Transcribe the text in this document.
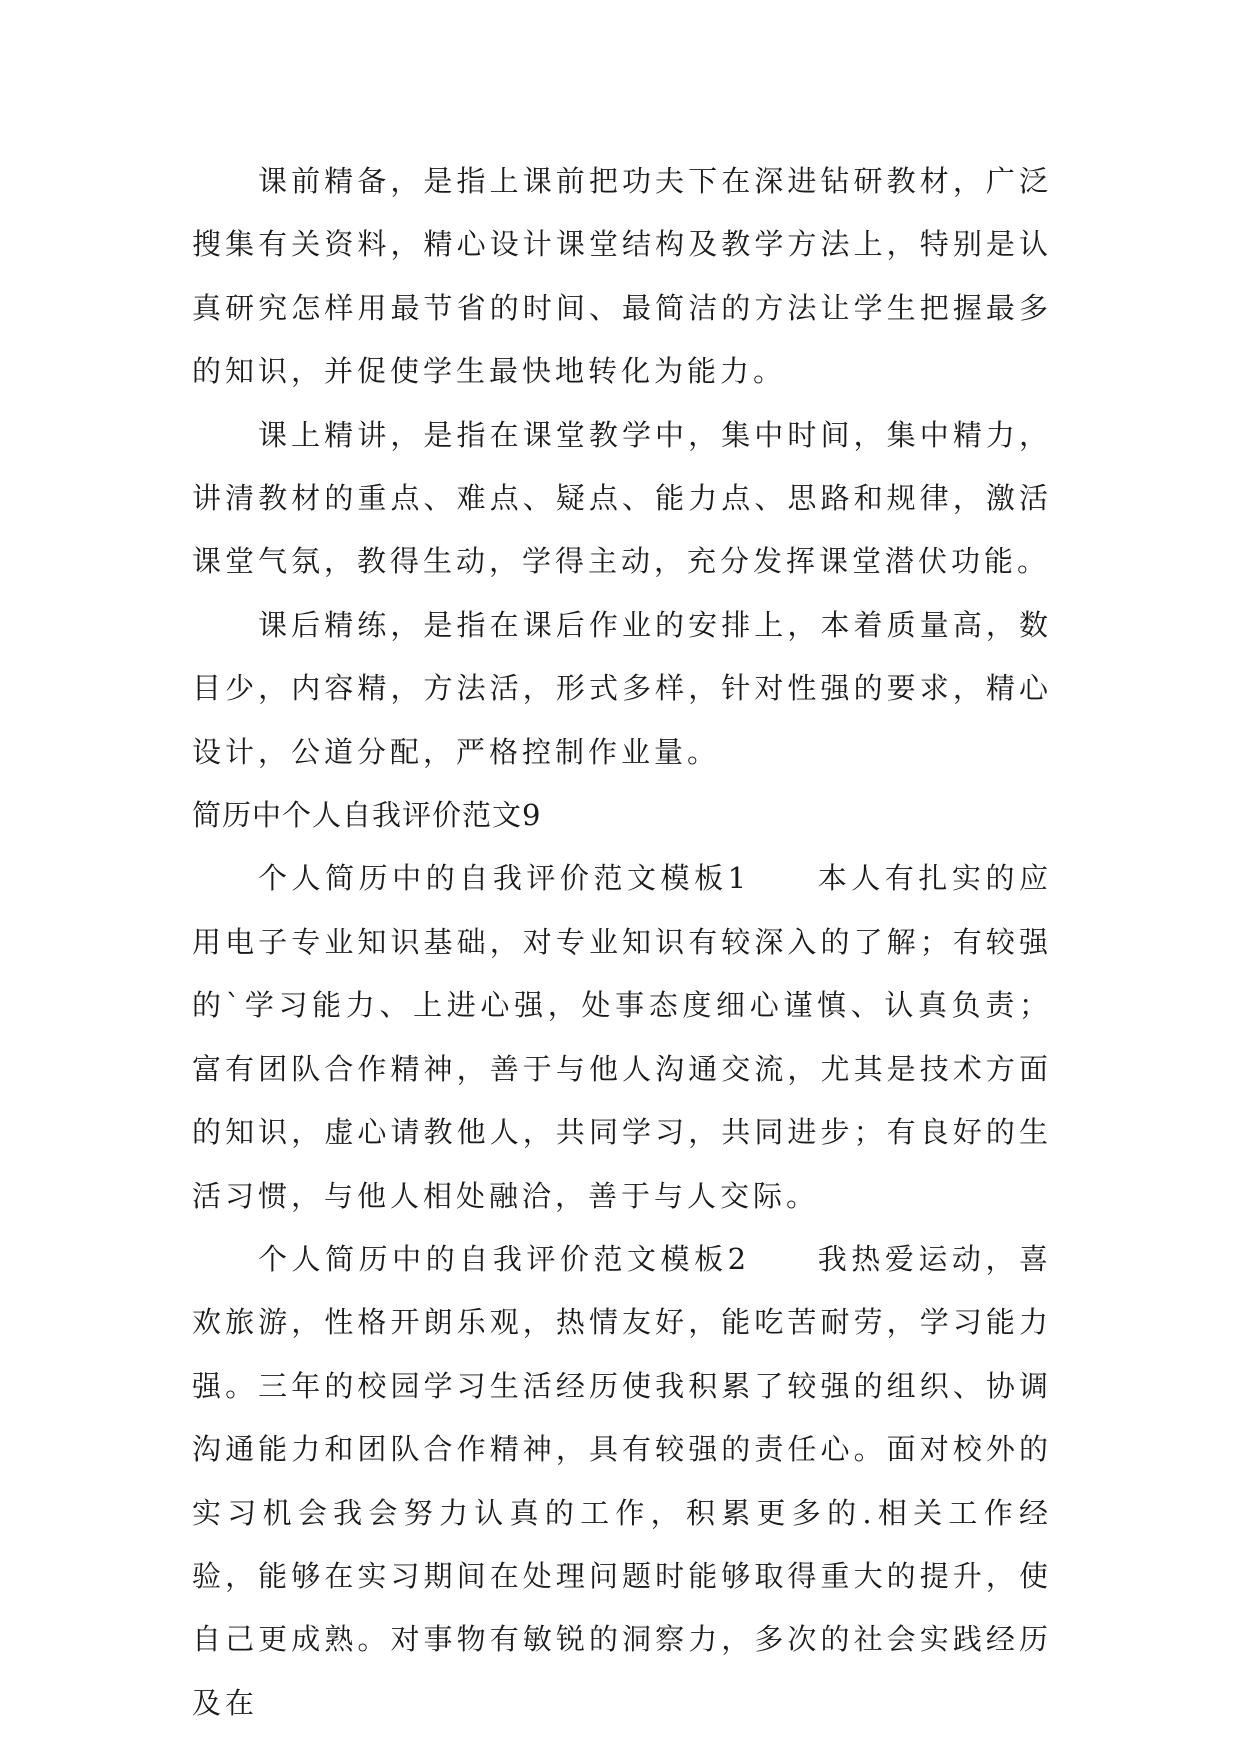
课前精备，是指上课前把功夫下在深进钻研教材，广泛搜集有关资料，精心设计课堂结构及教学方法上，特别是认真研究怎样用最节省的时间、最简洁的方法让学生把握最多的知识，并促使学生最快地转化为能力。

课上精讲，是指在课堂教学中，集中时间，集中精力，讲清教材的重点、难点、疑点、能力点、思路和规律，激活课堂气氛，教得生动，学得主动，充分发挥课堂潜伏功能。

课后精练，是指在课后作业的安排上，本着质量高，数目少，内容精，方法活，形式多样，针对性强的要求，精心设计，公道分配，严格控制作业量。

简历中个人自我评价范文9

个人简历中的自我评价范文模板1　　本人有扎实的应用电子专业知识基础，对专业知识有较深入的了解；有较强的`学习能力、上进心强，处事态度细心谨慎、认真负责；富有团队合作精神，善于与他人沟通交流，尤其是技术方面的知识，虚心请教他人，共同学习，共同进步；有良好的生活习惯，与他人相处融洽，善于与人交际。

个人简历中的自我评价范文模板2　　我热爱运动，喜欢旅游，性格开朗乐观，热情友好，能吃苦耐劳，学习能力强。三年的校园学习生活经历使我积累了较强的组织、协调沟通能力和团队合作精神，具有较强的责任心。面对校外的实习机会我会努力认真的工作，积累更多的.相关工作经验，能够在实习期间在处理问题时能够取得重大的提升，使自己更成熟。对事物有敏锐的洞察力，多次的社会实践经历及在
